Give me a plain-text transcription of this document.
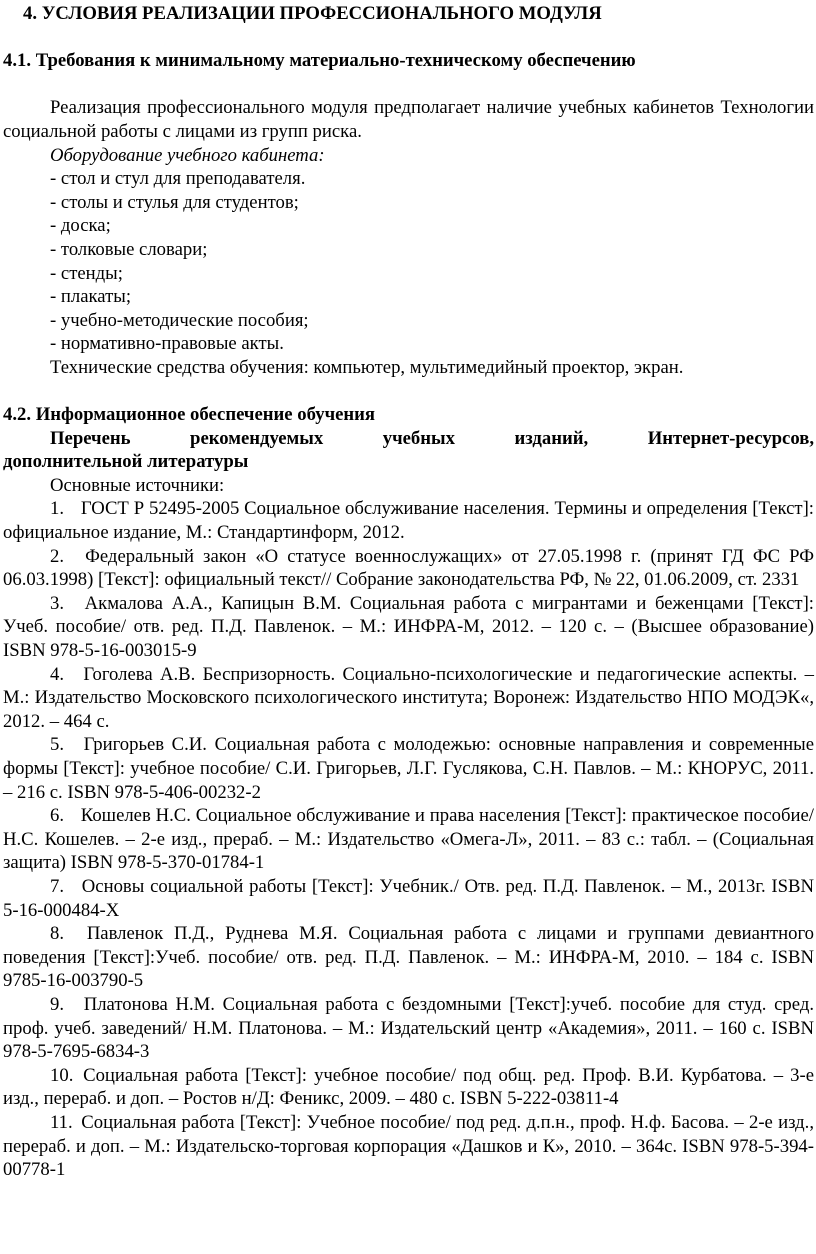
4. УСЛОВИЯ РЕАЛИЗАЦИИ ПРОФЕССИОНАЛЬНОГО МОДУЛЯ

4.1. Требования к минимальному материально-техническому обеспечению

Реализация профессионального модуля предполагает наличие учебных кабинетов Технологии социальной работы с лицами из групп риска.

Оборудование учебного кабинета:

- стол и стул для преподавателя.

- столы и стулья для студентов;

- доска;

- толковые словари;

- стенды;

- плакаты;

- учебно-методические пособия;

- нормативно-правовые акты.

Технические средства обучения: компьютер, мультимедийный проектор, экран.

4.2. Информационное обеспечение обучения

Перечень рекомендуемых учебных изданий, Интернет-ресурсов,

дополнительной литературы

Основные источники:

1. ГОСТ Р 52495-2005 Социальное обслуживание населения. Термины и определения [Текст]: официальное издание, М.: Стандартинформ, 2012.

2. Федеральный закон «О статусе военнослужащих» от 27.05.1998 г. (принят ГД ФС РФ 06.03.1998) [Текст]: официальный текст// Собрание законодательства РФ, № 22, 01.06.2009, ст. 2331

3. Акмалова А.А., Капицын В.М. Социальная работа с мигрантами и беженцами [Текст]: Учеб. пособие/ отв. ред. П.Д. Павленок. – М.: ИНФРА-М, 2012. – 120 с. – (Высшее образование) ISBN 978-5-16-003015-9

4. Гоголева А.В. Беспризорность. Социально-психологические и педагогические аспекты. – М.: Издательство Московского психологического института; Воронеж: Издательство НПО МОДЭК«, 2012. – 464 с.

5. Григорьев С.И. Социальная работа с молодежью: основные направления и современные формы [Текст]: учебное пособие/ С.И. Григорьев, Л.Г. Гуслякова, С.Н. Павлов. – М.: КНОРУС, 2011. – 216 с. ISBN 978-5-406-00232-2

6. Кошелев Н.С. Социальное обслуживание и права населения [Текст]: практическое пособие/ Н.С. Кошелев. – 2-е изд., прераб. – М.: Издательство «Омега-Л», 2011. – 83 с.: табл. – (Социальная защита) ISBN 978-5-370-01784-1

7. Основы социальной работы [Текст]: Учебник./ Отв. ред. П.Д. Павленок. – М., 2013г. ISBN 5-16-000484-Х

8. Павленок П.Д., Руднева М.Я. Социальная работа с лицами и группами девиантного поведения [Текст]:Учеб. пособие/ отв. ред. П.Д. Павленок. – М.: ИНФРА-М, 2010. – 184 с. ISBN 9785-16-003790-5

9. Платонова Н.М. Социальная работа с бездомными [Текст]:учеб. пособие для студ. сред. проф. учеб. заведений/ Н.М. Платонова. – М.: Издательский центр «Академия», 2011. – 160 с. ISBN 978-5-7695-6834-3

10. Социальная работа [Текст]: учебное пособие/ под общ. ред. Проф. В.И. Курбатова. – 3-е изд., перераб. и доп. – Ростов н/Д: Феникс, 2009. – 480 с. ISBN 5-222-03811-4

11. Социальная работа [Текст]: Учебное пособие/ под ред. д.п.н., проф. Н.ф. Басова. – 2-е изд., перераб. и доп. – М.: Издательско-торговая корпорация «Дашков и К», 2010. – 364с. ISBN 978-5-394-00778-1
